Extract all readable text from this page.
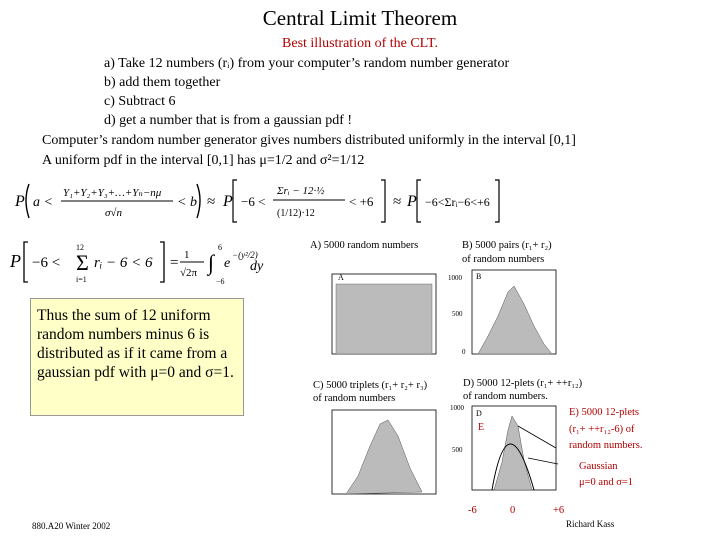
Central Limit Theorem
Best illustration of the CLT.
a) Take 12 numbers (rᵢ) from your computer’s random number generator
b) add them together
c) Subtract 6
d) get a number that is from a gaussian pdf !
Computer’s random number generator gives numbers distributed uniformly in the interval [0,1]
A uniform pdf in the interval [0,1] has μ=1/2 and σ²=1/12
P a <
Y₁+Y₂+Y₃+…+Yₙ−nμ
σ√n
< b ≈ P −6 <
Σrᵢ − 12·½
(1/12)·12
< +6 ≈ P −6<Σrᵢ−6<+6
P −6 < Σ
12
i=1
rᵢ − 6 < 6 = 1
√2π ∫
6
−6
e
−(y²/2)
dy
Thus the sum of 12 uniform random numbers minus 6 is distributed as if it came from a gaussian pdf with μ=0 and σ=1.
A) 5000 random numbers
A
B) 5000 pairs (r₁+ r₂)
of random numbers
B
1000
500
0
C) 5000 triplets (r₁+ r₂+ r₃)
of random numbers
D) 5000 12-plets (r₁+ ++r₁₂)
of random numbers.
D
E
1000
500
E) 5000 12-plets
(r₁+ ++r₁₂-6) of
random numbers.
Gaussian
μ=0 and σ=1
-6	0	+6
880.A20 Winter 2002	Richard Kass
